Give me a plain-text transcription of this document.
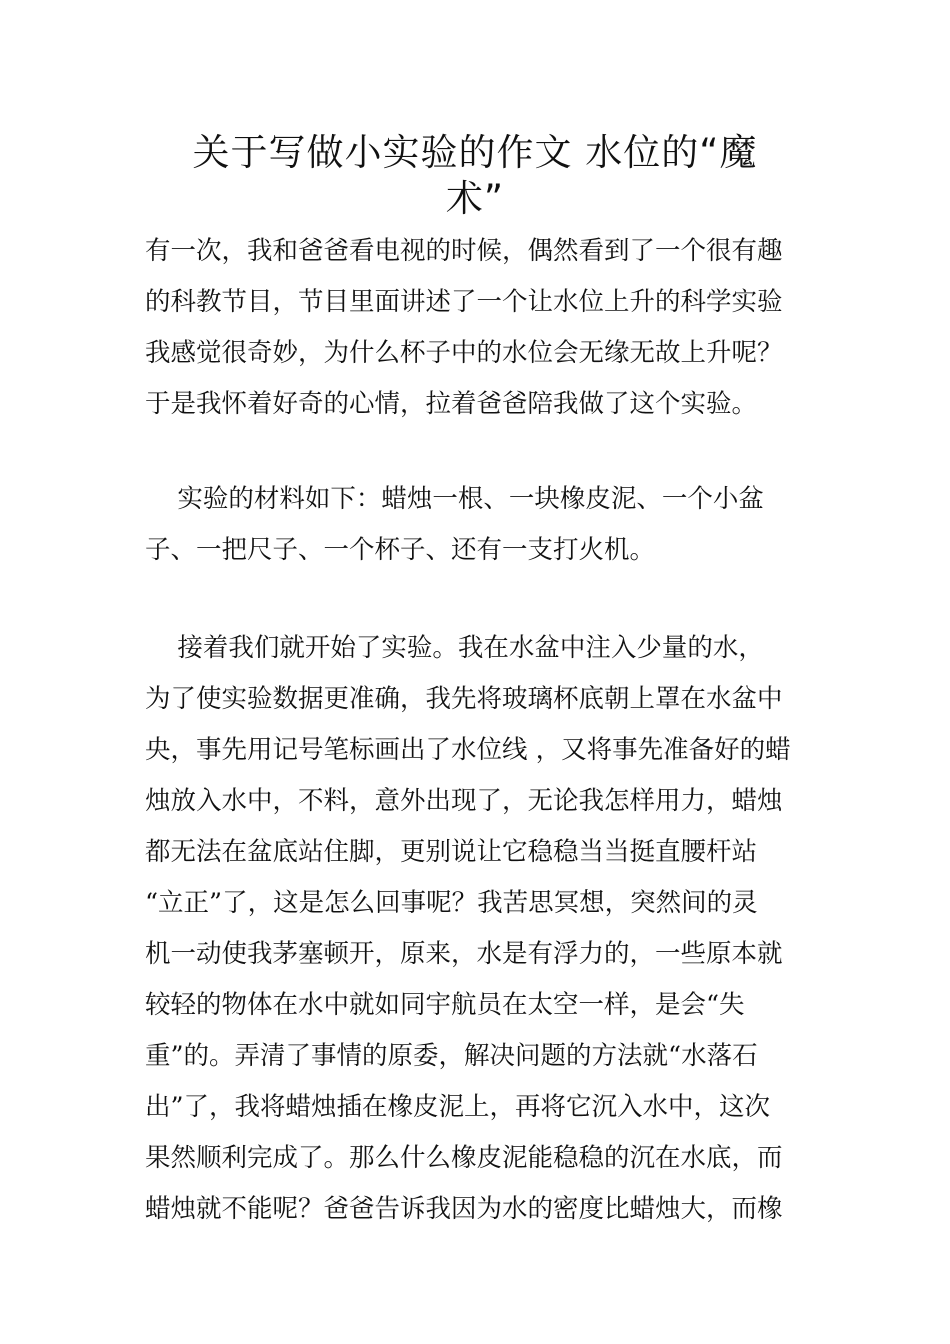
关于写做小实验的作文 水位的“魔
术”

有一次，我和爸爸看电视的时候，偶然看到了一个很有趣
的科教节目，节目里面讲述了一个让水位上升的科学实验
我感觉很奇妙，为什么杯子中的水位会无缘无故上升呢？
于是我怀着好奇的心情，拉着爸爸陪我做了这个实验。

实验的材料如下：蜡烛一根、一块橡皮泥、一个小盆
子、一把尺子、一个杯子、还有一支打火机。

接着我们就开始了实验。我在水盆中注入少量的水，
为了使实验数据更准确，我先将玻璃杯底朝上罩在水盆中
央，事先用记号笔标画出了水位线 ，又将事先准备好的蜡
烛放入水中，不料，意外出现了，无论我怎样用力，蜡烛
都无法在盆底站住脚，更别说让它稳稳当当挺直腰杆站
“立正”了，这是怎么回事呢？我苦思冥想，突然间的灵
机一动使我茅塞顿开，原来，水是有浮力的，一些原本就
较轻的物体在水中就如同宇航员在太空一样，是会“失
重”的。弄清了事情的原委，解决问题的方法就“水落石
出”了，我将蜡烛插在橡皮泥上，再将它沉入水中，这次
果然顺利完成了。那么什么橡皮泥能稳稳的沉在水底，而
蜡烛就不能呢？爸爸告诉我因为水的密度比蜡烛大，而橡
